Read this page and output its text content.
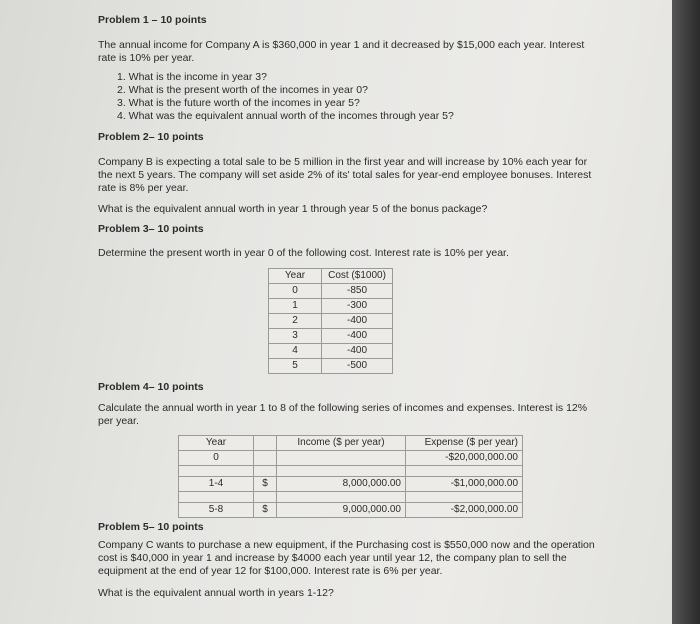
Problem 1 – 10 points
The annual income for Company A is $360,000 in year 1 and it decreased by $15,000 each year. Interest rate is 10% per year.
1. What is the income in year 3?
2. What is the present worth of the incomes in year 0?
3. What is the future worth of the incomes in year 5?
4. What was the equivalent annual worth of the incomes through year 5?
Problem 2– 10 points
Company B is expecting a total sale to be 5 million in the first year and will increase by 10% each year for the next 5 years. The company will set aside 2% of its' total sales for year-end employee bonuses. Interest rate is 8% per year.
What is the equivalent annual worth in year 1 through year 5 of the bonus package?
Problem 3– 10 points
Determine the present worth in year 0 of the following cost. Interest rate is 10% per year.
Year	Cost ($1000)
0	-850
1	-300
2	-400
3	-400
4	-400
5	-500
Problem 4– 10 points
Calculate the annual worth in year 1 to 8 of the following series of incomes and expenses. Interest is 12% per year.
Year		Income ($ per year)	Expense ($ per year)
0			-$20,000,000.00

1-4	$	8,000,000.00	-$1,000,000.00

5-8	$	9,000,000.00	-$2,000,000.00
Problem 5– 10 points
Company C wants to purchase a new equipment, if the Purchasing cost is $550,000 now and the operation cost is $40,000 in year 1 and increase by $4000 each year until year 12, the company plan to sell the equipment at the end of year 12 for $100,000. Interest rate is 6% per year.
What is the equivalent annual worth in years 1-12?
